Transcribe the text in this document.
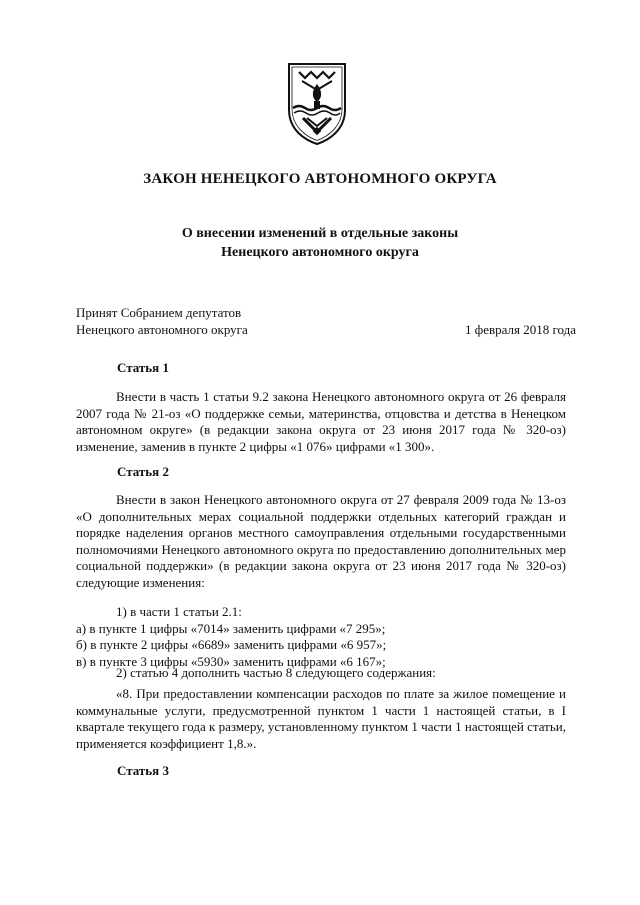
ЗАКОН НЕНЕЦКОГО АВТОНОМНОГО ОКРУГА
О внесении изменений в отдельные законы
Ненецкого автономного округа
Принят Собранием депутатов
Ненецкого автономного округа	1 февраля 2018 года
Статья 1

Внести в часть 1 статьи 9.2 закона Ненецкого автономного округа от 26 февраля 2007 года № 21-оз «О поддержке семьи, материнства, отцовства и детства в Ненецком автономном округе» (в редакции закона округа от 23 июня 2017 года № 320-оз) изменение, заменив в пункте 2 цифры «1 076» цифрами «1 300».

Статья 2

Внести в закон Ненецкого автономного округа от 27 февраля 2009 года № 13-оз «О дополнительных мерах социальной поддержки отдельных категорий граждан и порядке наделения органов местного самоуправления отдельными государственными полномочиями Ненецкого автономного округа по предоставлению дополнительных мер социальной поддержки» (в редакции закона округа от 23 июня 2017 года № 320-оз) следующие изменения:

1) в части 1 статьи 2.1:
а) в пункте 1 цифры «7014» заменить цифрами «7 295»;
б) в пункте 2 цифры «6689» заменить цифрами «6 957»;
в) в пункте 3 цифры «5930» заменить цифрами «6 167»;
2) статью 4 дополнить частью 8 следующего содержания:

«8. При предоставлении компенсации расходов по плате за жилое помещение и коммунальные услуги, предусмотренной пунктом 1 части 1 настоящей статьи, в I квартале текущего года к размеру, установленному пунктом 1 части 1 настоящей статьи, применяется коэффициент 1,8.».

Статья 3
